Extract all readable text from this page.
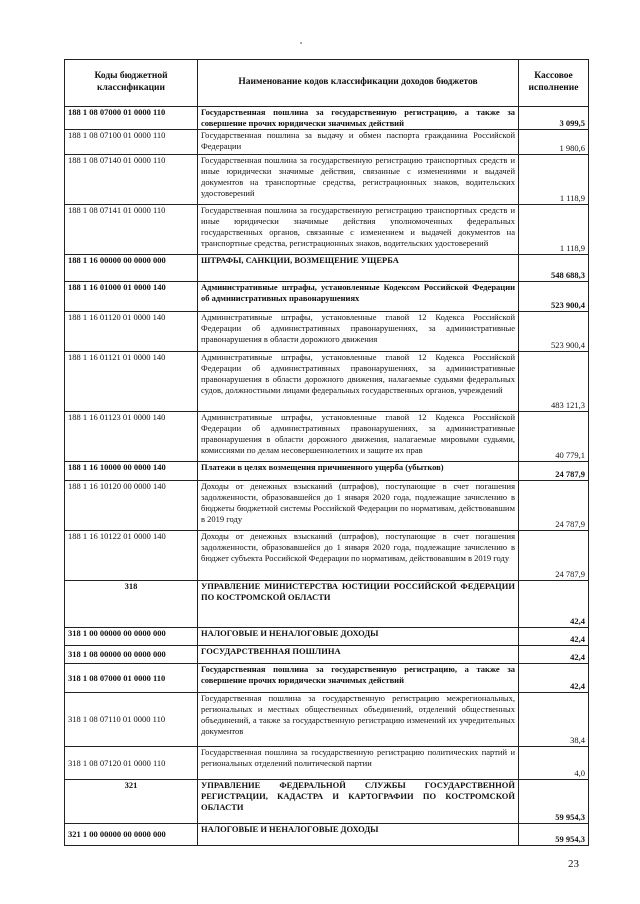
Коды бюджетной классификации	Наименование кодов классификации доходов бюджетов	Кассовое исполнение
188 1 08 07000 01 0000 110	Государственная пошлина за государственную регистрацию, а также за совершение прочих юридически значимых действий	3 099,5
188 1 08 07100 01 0000 110	Государственная пошлина за выдачу и обмен паспорта гражданина Российской Федерации	1 980,6
188 1 08 07140 01 0000 110	Государственная пошлина за государственную регистрацию транспортных средств и иные юридически значимые действия, связанные с изменениями и выдачей документов на транспортные средства, регистрационных знаков, водительских удостоверений	1 118,9
188 1 08 07141 01 0000 110	Государственная пошлина за государственную регистрацию транспортных средств и иные юридически значимые действия уполномоченных федеральных государственных органов, связанные с изменением и выдачей документов на транспортные средства, регистрационных знаков, водительских удостоверений	1 118,9
188 1 16 00000 00 0000 000	ШТРАФЫ, САНКЦИИ, ВОЗМЕЩЕНИЕ УЩЕРБА	548 688,3
188 1 16 01000 01 0000 140	Административные штрафы, установленные Кодексом Российской Федерации об административных правонарушениях	523 900,4
188 1 16 01120 01 0000 140	Административные штрафы, установленные главой 12 Кодекса Российской Федерации об административных правонарушениях, за административные правонарушения в области дорожного движения	523 900,4
188 1 16 01121 01 0000 140	Административные штрафы, установленные главой 12 Кодекса Российской Федерации об административных правонарушениях, за административные правонарушения в области дорожного движения, налагаемые судьями федеральных судов, должностными лицами федеральных государственных органов, учреждений	483 121,3
188 1 16 01123 01 0000 140	Административные штрафы, установленные главой 12 Кодекса Российской Федерации об административных правонарушениях, за административные правонарушения в области дорожного движения, налагаемые мировыми судьями, комиссиями по делам несовершеннолетних и защите их прав	40 779,1
188 1 16 10000 00 0000 140	Платежи в целях возмещения причиненного ущерба (убытков)	24 787,9
188 1 16 10120 00 0000 140	Доходы от денежных взысканий (штрафов), поступающие в счет погашения задолженности, образовавшейся до 1 января 2020 года, подлежащие зачислению в бюджеты бюджетной системы Российской Федерации по нормативам, действовавшим в 2019 году	24 787,9
188 1 16 10122 01 0000 140	Доходы от денежных взысканий (штрафов), поступающие в счет погашения задолженности, образовавшейся до 1 января 2020 года, подлежащие зачислению в бюджет субъекта Российской Федерации по нормативам, действовавшим в 2019 году	24 787,9
318	УПРАВЛЕНИЕ МИНИСТЕРСТВА ЮСТИЦИИ РОССИЙСКОЙ ФЕДЕРАЦИИ ПО КОСТРОМСКОЙ ОБЛАСТИ	42,4
318 1 00 00000 00 0000 000	НАЛОГОВЫЕ И НЕНАЛОГОВЫЕ ДОХОДЫ	42,4
318 1 08 00000 00 0000 000	ГОСУДАРСТВЕННАЯ ПОШЛИНА	42,4
318 1 08 07000 01 0000 110	Государственная пошлина за государственную регистрацию, а также за совершение прочих юридически значимых действий	42,4
318 1 08 07110 01 0000 110	Государственная пошлина за государственную регистрацию межрегиональных, региональных и местных общественных объединений, отделений общественных объединений, а также за государственную регистрацию изменений их учредительных документов	38,4
318 1 08 07120 01 0000 110	Государственная пошлина за государственную регистрацию политических партий и региональных отделений политической партии	4,0
321	УПРАВЛЕНИЕ ФЕДЕРАЛЬНОЙ СЛУЖБЫ ГОСУДАРСТВЕННОЙ РЕГИСТРАЦИИ, КАДАСТРА И КАРТОГРАФИИ ПО КОСТРОМСКОЙ ОБЛАСТИ	59 954,3
321 1 00 00000 00 0000 000	НАЛОГОВЫЕ И НЕНАЛОГОВЫЕ ДОХОДЫ	59 954,3
23
